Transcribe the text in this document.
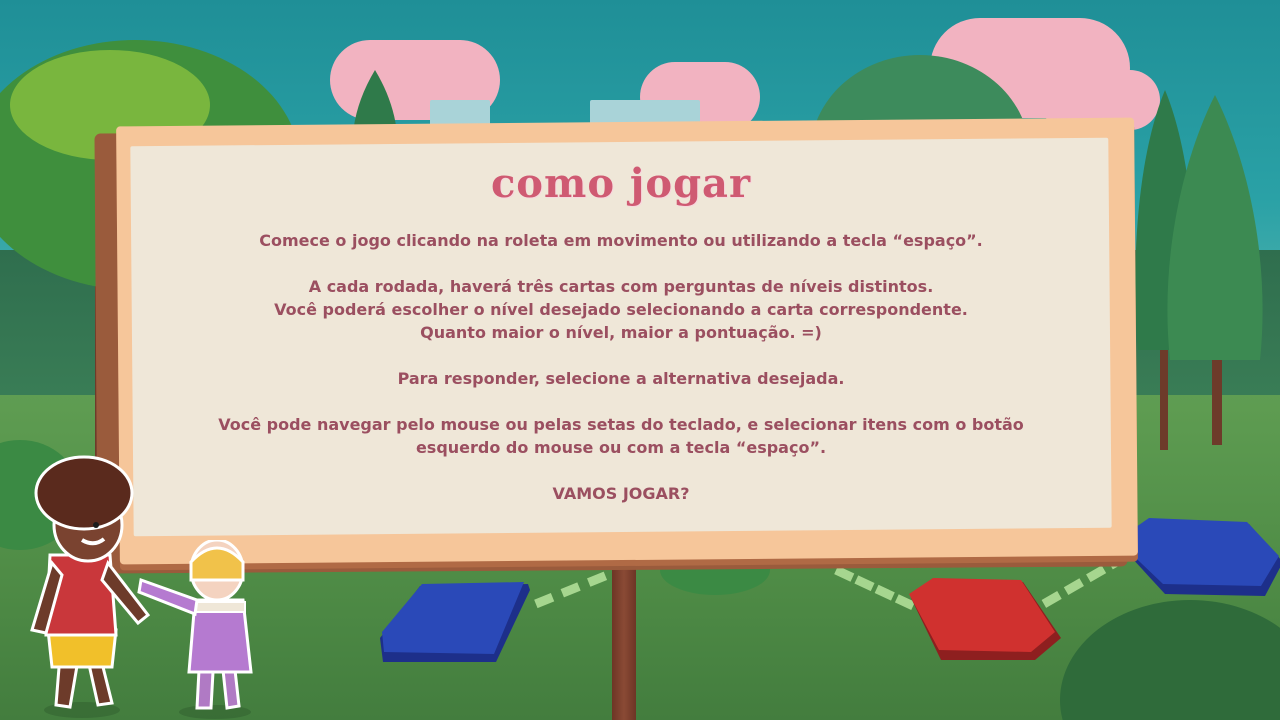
como jogar

Comece o jogo clicando na roleta em movimento ou utilizando a tecla “espaço”.

A cada rodada, haverá três cartas com perguntas de níveis distintos.

Você poderá escolher o nível desejado selecionando a carta correspondente.

Quanto maior o nível, maior a pontuação. =)

Para responder, selecione a alternativa desejada.

Você pode navegar pelo mouse ou pelas setas do teclado, e selecionar itens com o botão

esquerdo do mouse ou com a tecla “espaço”.

VAMOS JOGAR?
